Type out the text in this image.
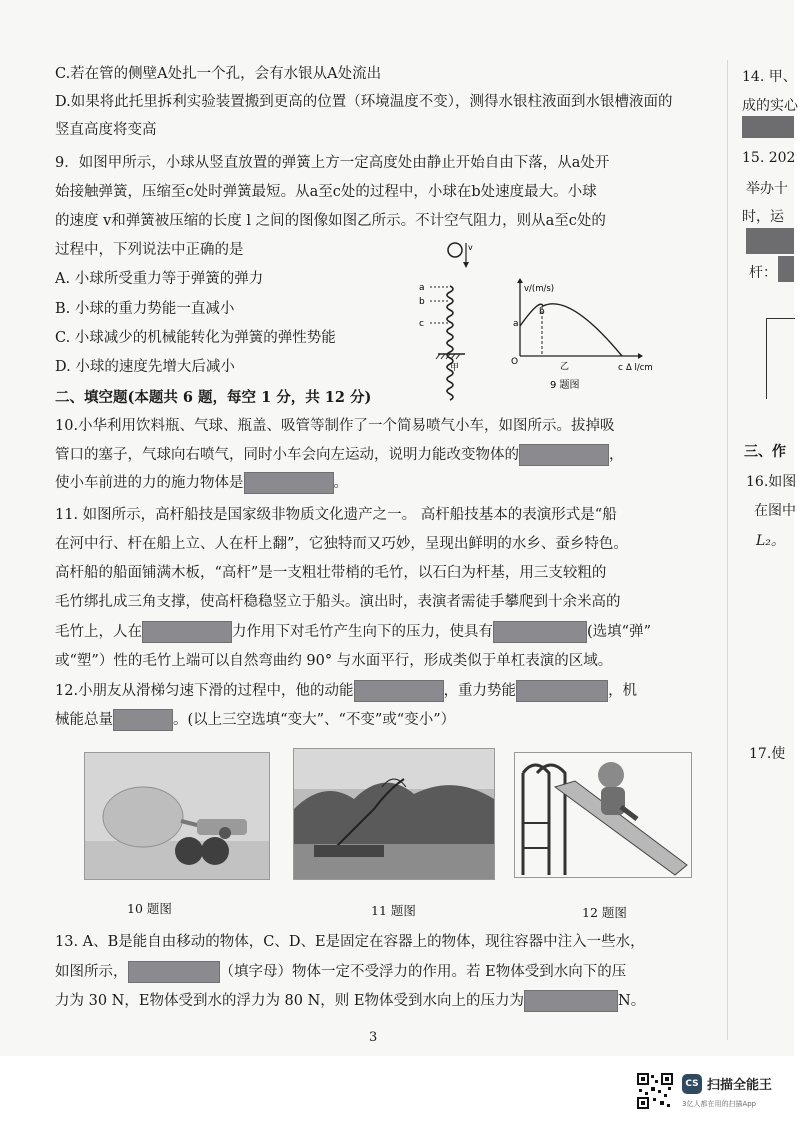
C.若在管的侧壁A处扎一个孔，会有水银从A处流出
D.如果将此托里拆利实验装置搬到更高的位置（环境温度不变），测得水银柱液面到水银槽液面的
竖直高度将变高
9．如图甲所示，小球从竖直放置的弹簧上方一定高度处由静止开始自由下落，从a处开
始接触弹簧，压缩至c处时弹簧最短。从a至c处的过程中，小球在b处速度最大。小球
的速度 v和弹簧被压缩的长度 l 之间的图像如图乙所示。不计空气阻力，则从a至c处的
过程中，下列说法中正确的是
A. 小球所受重力等于弹簧的弹力
B. 小球的重力势能一直减小
C. 小球减少的机械能转化为弹簧的弹性势能
D. 小球的速度先增大后减小
v
a
b
c
甲
v/(m/s)
a
b
O
c Δ l/cm
乙
9 题图
二、填空题(本题共 6 题，每空 1 分，共 12 分)
10.小华利用饮料瓶、气球、瓶盖、吸管等制作了一个简易喷气小车，如图所示。拔掉吸
管口的塞子，气球向右喷气，同时小车会向左运动，说明力能改变物体的	，
使小车前进的力的施力物体是	。
11. 如图所示，高杆船技是国家级非物质文化遗产之一。 高杆船技基本的表演形式是“船
在河中行、杆在船上立、人在杆上翻”，它独特而又巧妙，呈现出鲜明的水乡、蚕乡特色。
高杆船的船面铺满木板，“高杆”是一支粗壮带梢的毛竹，以石臼为杆基，用三支较粗的
毛竹绑扎成三角支撑，使高杆稳稳竖立于船头。演出时，表演者需徒手攀爬到十余米高的
毛竹上，人在	力作用下对毛竹产生向下的压力，使具有	(选填“弹”
或“塑”）性的毛竹上端可以自然弯曲约 90° 与水面平行，形成类似于单杠表演的区域。
12.小朋友从滑梯匀速下滑的过程中，他的动能	，重力势能	，机
械能总量	。(以上三空选填“变大”、“不变”或“变小”）
10 题图	11 题图	12 题图
13. A、B是能自由移动的物体，C、D、E是固定在容器上的物体，现往容器中注入一些水，
如图所示，	（填字母）物体一定不受浮力的作用。若 E物体受到水向下的压
力为 30 N，E物体受到水的浮力为 80 N，则 E物体受到水向上的压力为	N。
3
14. 甲、
成的实心
15. 202
举办十
时，运
杆：
三、作
16.如图
在图中
L₂。
17.使
CS 扫描全能王
3亿人都在用的扫描App
